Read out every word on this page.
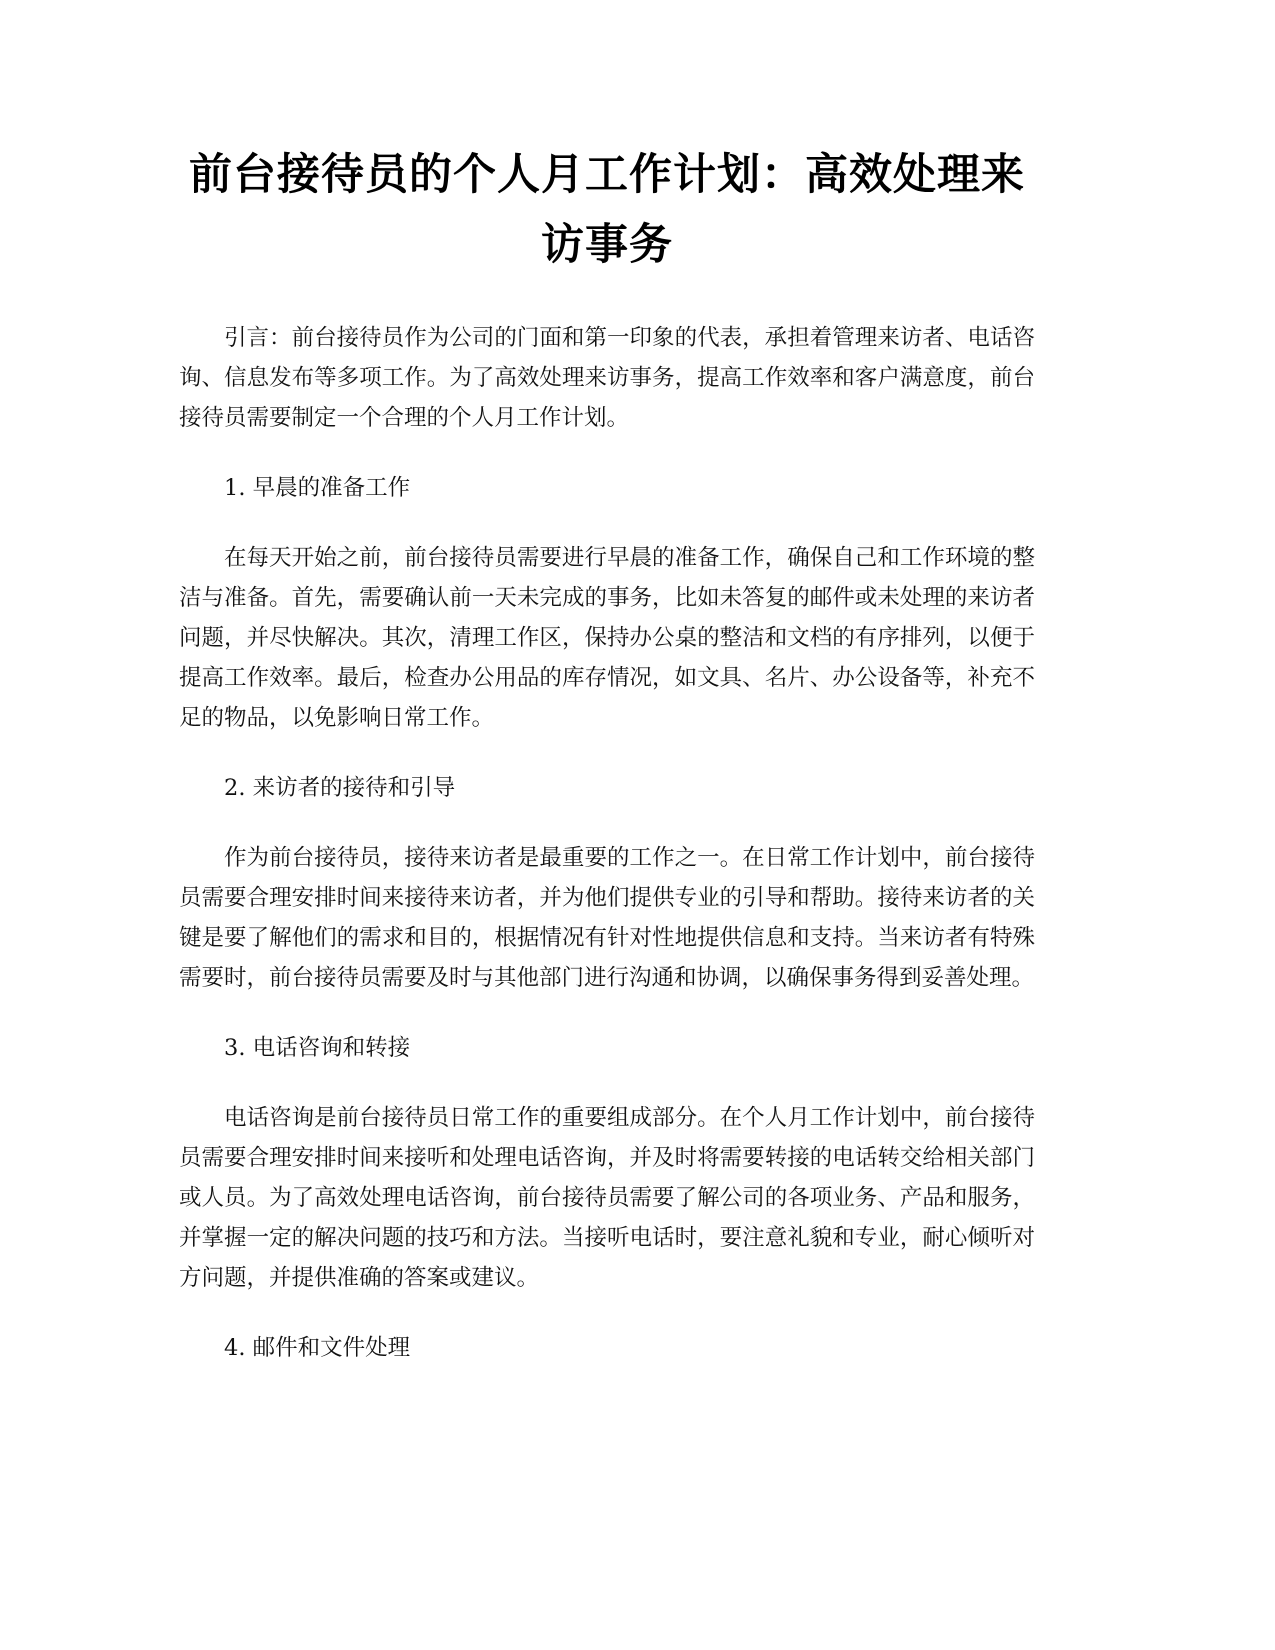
前台接待员的个人月工作计划：高效处理来访事务

引言：前台接待员作为公司的门面和第一印象的代表，承担着管理来访者、电话咨询、信息发布等多项工作。为了高效处理来访事务，提高工作效率和客户满意度，前台接待员需要制定一个合理的个人月工作计划。

1. 早晨的准备工作

在每天开始之前，前台接待员需要进行早晨的准备工作，确保自己和工作环境的整洁与准备。首先，需要确认前一天未完成的事务，比如未答复的邮件或未处理的来访者问题，并尽快解决。其次，清理工作区，保持办公桌的整洁和文档的有序排列，以便于提高工作效率。最后，检查办公用品的库存情况，如文具、名片、办公设备等，补充不足的物品，以免影响日常工作。

2. 来访者的接待和引导

作为前台接待员，接待来访者是最重要的工作之一。在日常工作计划中，前台接待员需要合理安排时间来接待来访者，并为他们提供专业的引导和帮助。接待来访者的关键是要了解他们的需求和目的，根据情况有针对性地提供信息和支持。当来访者有特殊需要时，前台接待员需要及时与其他部门进行沟通和协调，以确保事务得到妥善处理。

3. 电话咨询和转接

电话咨询是前台接待员日常工作的重要组成部分。在个人月工作计划中，前台接待员需要合理安排时间来接听和处理电话咨询，并及时将需要转接的电话转交给相关部门或人员。为了高效处理电话咨询，前台接待员需要了解公司的各项业务、产品和服务，并掌握一定的解决问题的技巧和方法。当接听电话时，要注意礼貌和专业，耐心倾听对方问题，并提供准确的答案或建议。

4. 邮件和文件处理
